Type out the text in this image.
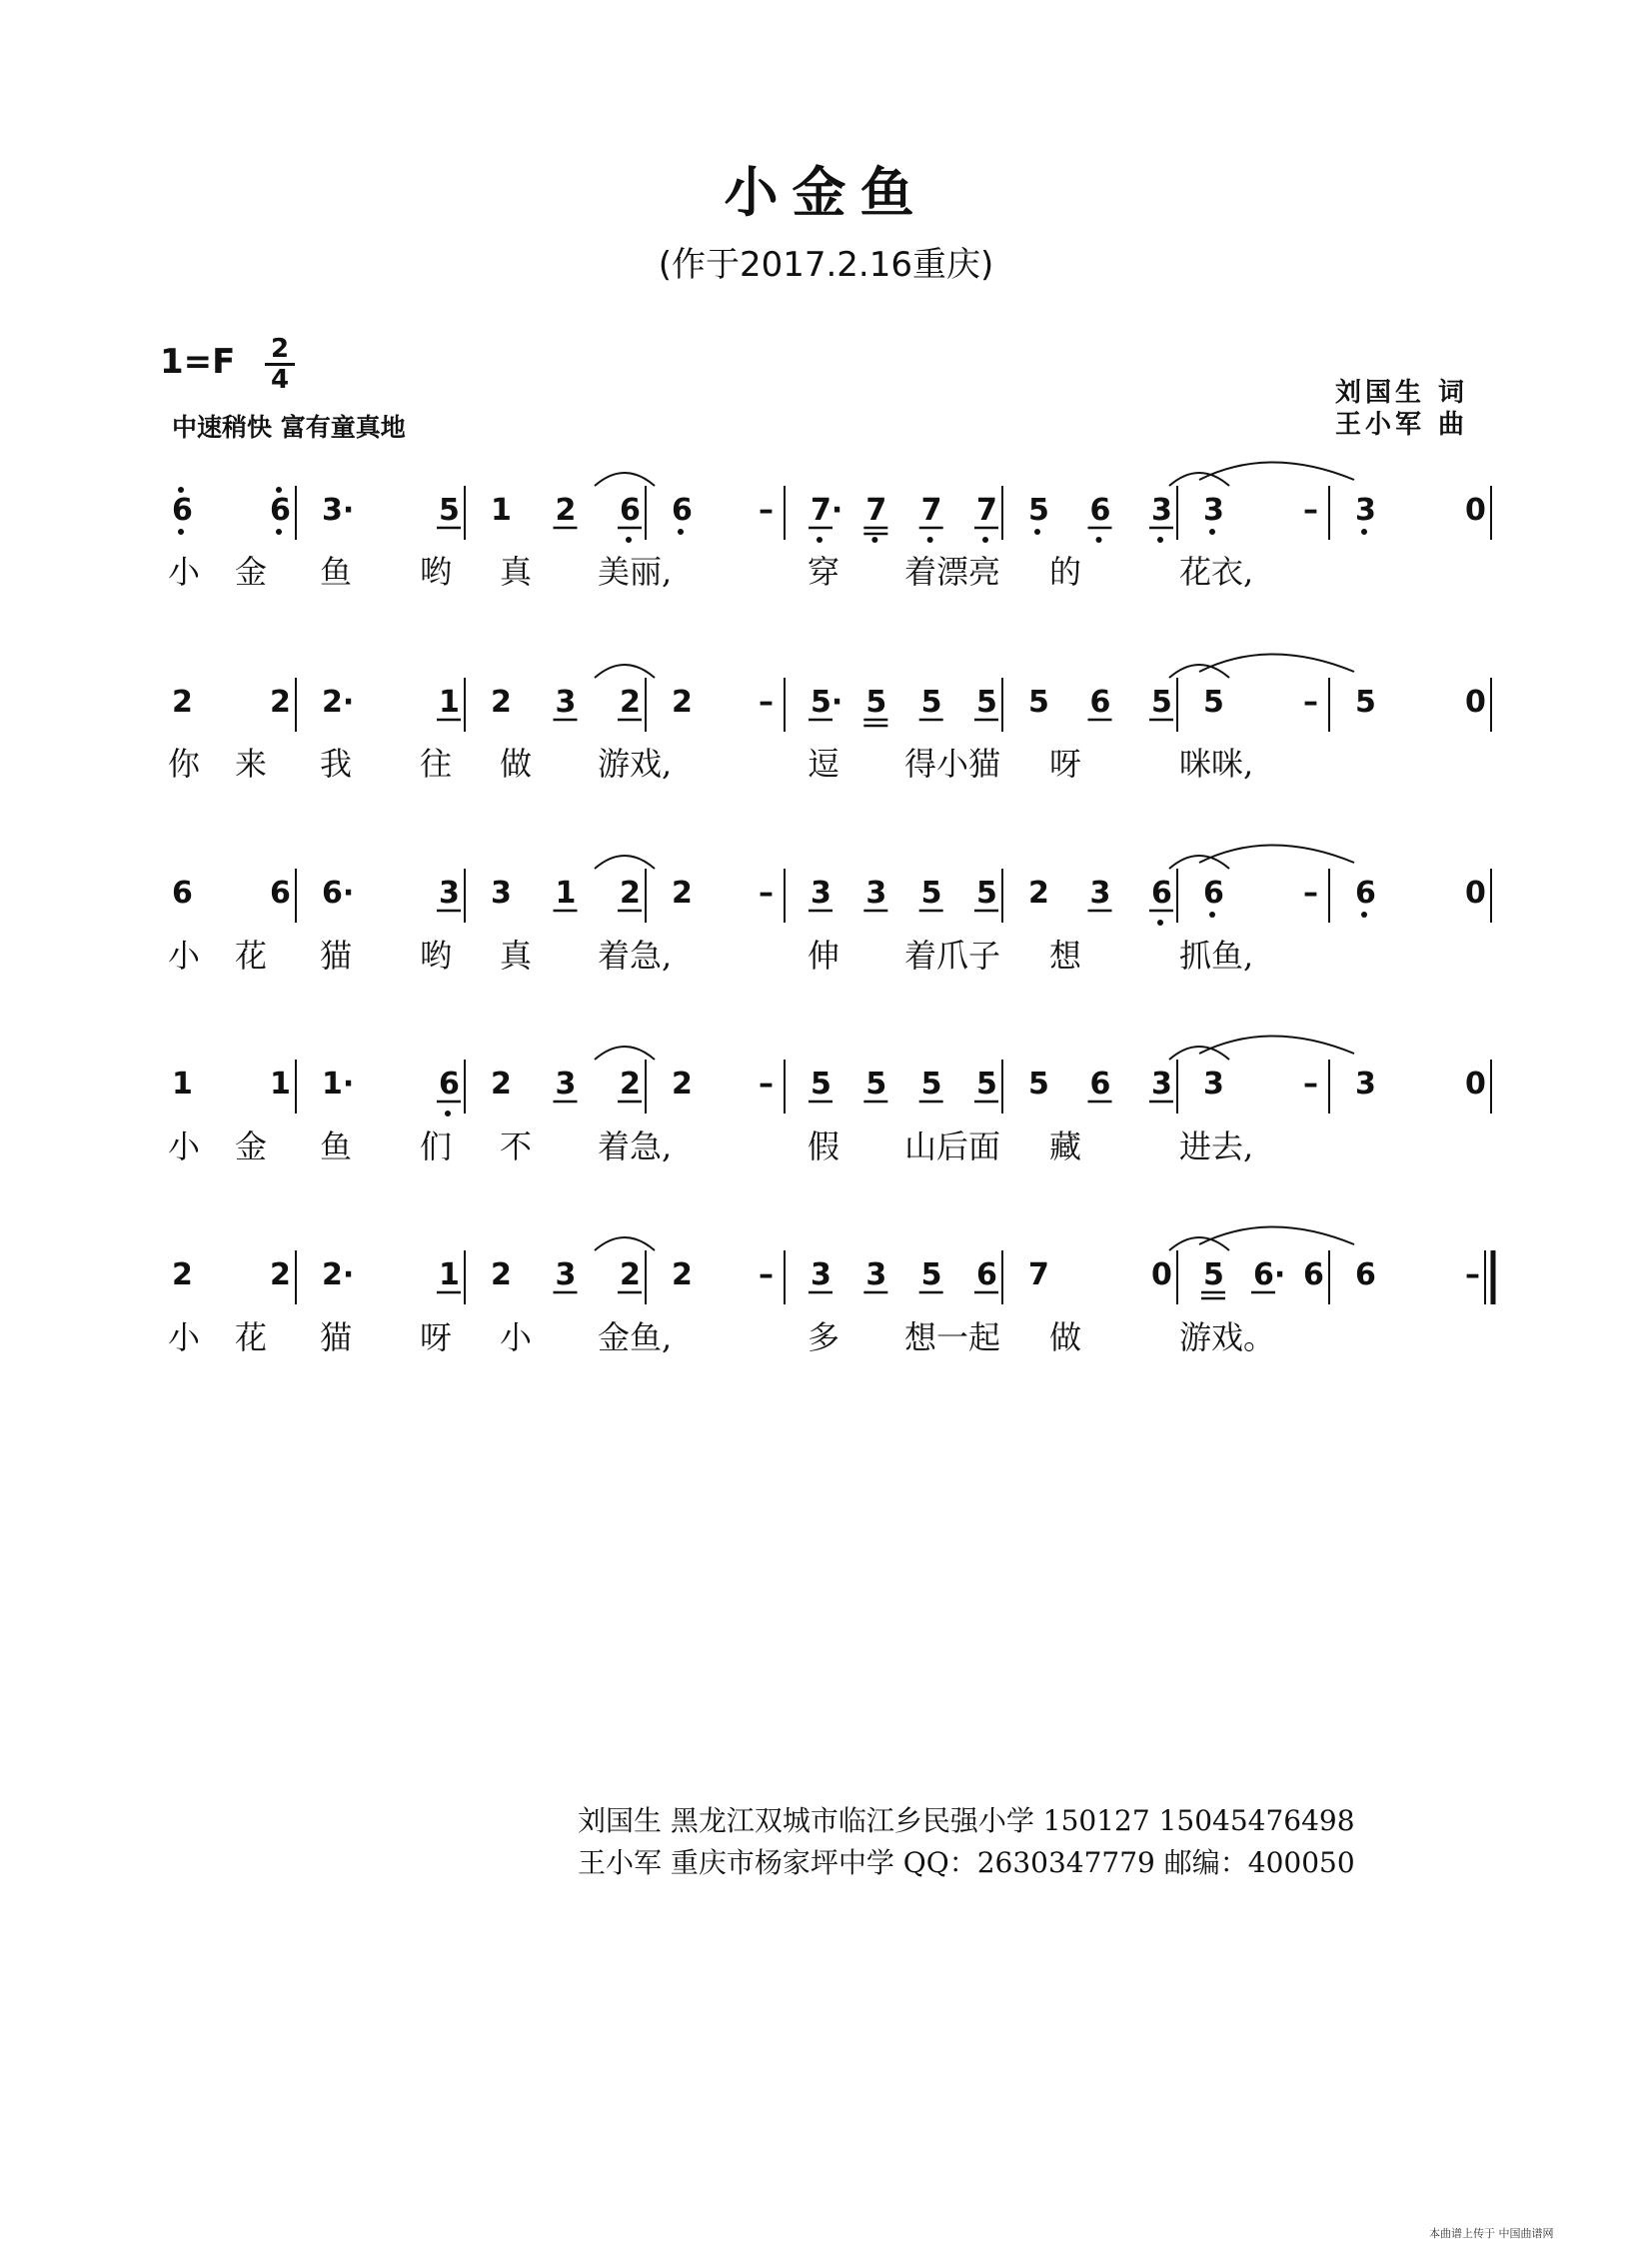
小金鱼
(作于2017.2.16重庆)
1=F 2
4
中速稍快 富有童真地
刘国生 词
王小军 曲
6	6 3·	5 1 2 6 6 – 7· 7 7 7 5 6 3 3	– 3	0
小 金 鱼 哟 真 美丽,	穿 着漂亮 的	花衣,
2	2 2·	1 2 3 2 2 – 5· 5 5 5 5 6 5 5	– 5	0
你 来 我 往 做 游戏,	逗 得小猫 呀	咪咪,
6	6 6·	3 3 1 2 2 – 3 3 5 5 2 3 6 6	– 6	0
小 花 猫 哟 真 着急,	伸 着爪子 想	抓鱼,
1	1 1·	6 2 3 2 2 – 5 5 5 5 5 6 3 3	– 3	0
小 金 鱼 们 不 着急,	假 山后面 藏	进去,
2	2 2·	1 2 3 2 2 – 3 3 5 6 7	0 5 6· 6 6	–
小 花 猫 呀 小 金鱼,	多 想一起 做	游戏。
刘国生 黑龙江双城市临江乡民强小学 150127 15045476498
王小军 重庆市杨家坪中学 QQ：2630347779 邮编：400050
本曲谱上传于 中国曲谱网
